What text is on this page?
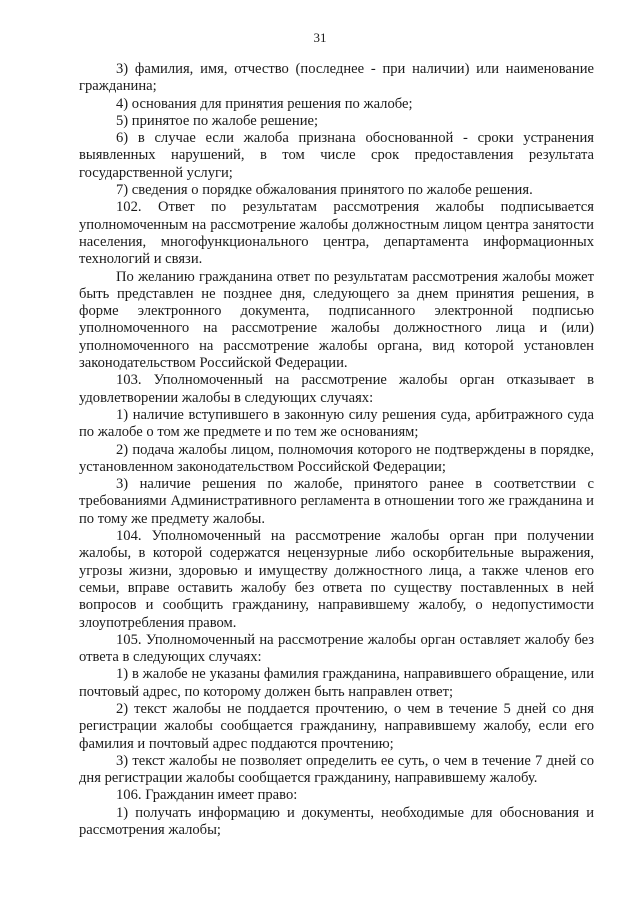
31

3) фамилия, имя, отчество (последнее - при наличии) или наименование гражданина;

4) основания для принятия решения по жалобе;

5) принятое по жалобе решение;

6) в случае если жалоба признана обоснованной - сроки устранения выявленных нарушений, в том числе срок предоставления результата государственной услуги;

7) сведения о порядке обжалования принятого по жалобе решения.

102. Ответ по результатам рассмотрения жалобы подписывается уполномоченным на рассмотрение жалобы должностным лицом центра занятости населения, многофункционального центра, департамента информационных технологий и связи.

По желанию гражданина ответ по результатам рассмотрения жалобы может быть представлен не позднее дня, следующего за днем принятия решения, в форме электронного документа, подписанного электронной подписью уполномоченного на рассмотрение жалобы должностного лица и (или) уполномоченного на рассмотрение жалобы органа, вид которой установлен законодательством Российской Федерации.

103. Уполномоченный на рассмотрение жалобы орган отказывает в удовлетворении жалобы в следующих случаях:

1) наличие вступившего в законную силу решения суда, арбитражного суда по жалобе о том же предмете и по тем же основаниям;

2) подача жалобы лицом, полномочия которого не подтверждены в порядке, установленном законодательством Российской Федерации;

3) наличие решения по жалобе, принятого ранее в соответствии с требованиями Административного регламента в отношении того же гражданина и по тому же предмету жалобы.

104. Уполномоченный на рассмотрение жалобы орган при получении жалобы, в которой содержатся нецензурные либо оскорбительные выражения, угрозы жизни, здоровью и имуществу должностного лица, а также членов его семьи, вправе оставить жалобу без ответа по существу поставленных в ней вопросов и сообщить гражданину, направившему жалобу, о недопустимости злоупотребления правом.

105. Уполномоченный на рассмотрение жалобы орган оставляет жалобу без ответа в следующих случаях:

1) в жалобе не указаны фамилия гражданина, направившего обращение, или почтовый адрес, по которому должен быть направлен ответ;

2) текст жалобы не поддается прочтению, о чем в течение 5 дней со дня регистрации жалобы сообщается гражданину, направившему жалобу, если его фамилия и почтовый адрес поддаются прочтению;

3) текст жалобы не позволяет определить ее суть, о чем в течение 7 дней со дня регистрации жалобы сообщается гражданину, направившему жалобу.

106. Гражданин имеет право:

1) получать информацию и документы, необходимые для обоснования и рассмотрения жалобы;
